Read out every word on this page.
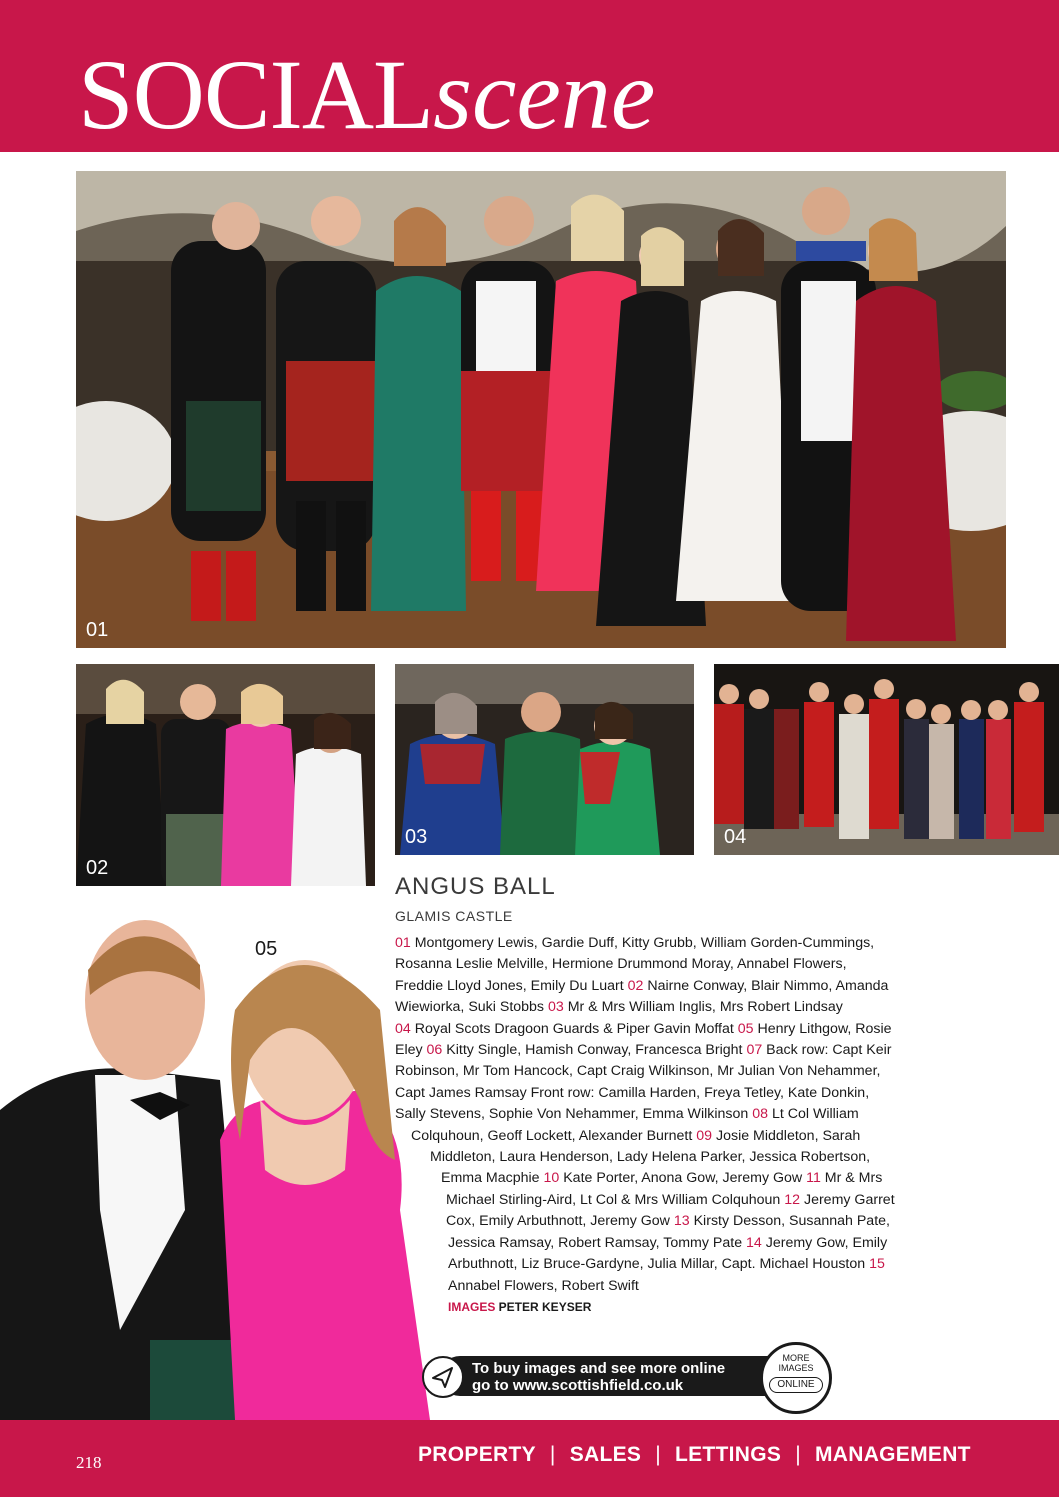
SOCIALscene
01
02
03	04
05
ANGUS BALL
GLAMIS CASTLE
01 Montgomery Lewis, Gardie Duff, Kitty Grubb, William Gorden-Cummings,
Rosanna Leslie Melville, Hermione Drummond Moray, Annabel Flowers,
Freddie Lloyd Jones, Emily Du Luart 02 Nairne Conway, Blair Nimmo, Amanda
Wiewiorka, Suki Stobbs 03 Mr & Mrs William Inglis, Mrs Robert Lindsay
04 Royal Scots Dragoon Guards & Piper Gavin Moffat 05 Henry Lithgow, Rosie
Eley 06 Kitty Single, Hamish Conway, Francesca Bright 07 Back row: Capt Keir
Robinson, Mr Tom Hancock, Capt Craig Wilkinson, Mr Julian Von Nehammer,
Capt James Ramsay Front row: Camilla Harden, Freya Tetley, Kate Donkin,
Sally Stevens, Sophie Von Nehammer, Emma Wilkinson 08 Lt Col William
Colquhoun, Geoff Lockett, Alexander Burnett 09 Josie Middleton, Sarah
Middleton, Laura Henderson, Lady Helena Parker, Jessica Robertson,
Emma Macphie 10 Kate Porter, Anona Gow, Jeremy Gow 11 Mr & Mrs
Michael Stirling-Aird, Lt Col & Mrs William Colquhoun 12 Jeremy Garret
Cox, Emily Arbuthnott, Jeremy Gow 13 Kirsty Desson, Susannah Pate,
Jessica Ramsay, Robert Ramsay, Tommy Pate 14 Jeremy Gow, Emily
Arbuthnott, Liz Bruce-Gardyne, Julia Millar, Capt. Michael Houston 15
Annabel Flowers, Robert Swift
IMAGES PETER KEYSER
To buy images and see more online
go to www.scottishfield.co.uk
MORE
IMAGES
ONLINE
218	PROPERTY | SALES | LETTINGS | MANAGEMENT
